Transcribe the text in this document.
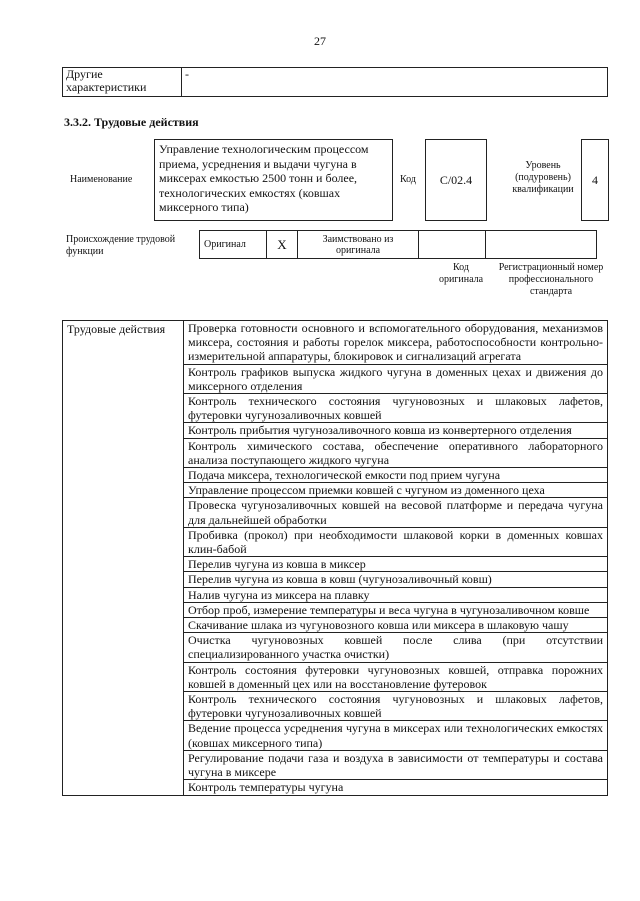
27
Другие характеристики	-
3.3.2. Трудовые действия
Наименование
Управление технологическим процессом приема, усреднения и выдачи чугуна в миксерах емкостью 2500 тонн и более, технологических емкостях (ковшах миксерного типа)
Код	C/02.4
Уровень (подуровень) квалификации
4
Происхождение трудовой функции
Оригинал	X	Заимствовано из оригинала		
Код оригинала
Регистрационный номер профессионального стандарта
Трудовые действия	Проверка готовности основного и вспомогательного оборудования, механизмов миксера, состояния и работы горелок миксера, работоспособности контрольно-измерительной аппаратуры, блокировок и сигнализаций агрегата
Контроль графиков выпуска жидкого чугуна в доменных цехах и движения до миксерного отделения
Контроль технического состояния чугуновозных и шлаковых лафетов, футеровки чугунозаливочных ковшей
Контроль прибытия чугунозаливочного ковша из конвертерного отделения
Контроль химического состава, обеспечение оперативного лабораторного анализа поступающего жидкого чугуна
Подача миксера, технологической емкости под прием чугуна
Управление процессом приемки ковшей с чугуном из доменного цеха
Провеска чугунозаливочных ковшей на весовой платформе и передача чугуна для дальнейшей обработки
Пробивка (прокол) при необходимости шлаковой корки в доменных ковшах клин-бабой
Перелив чугуна из ковша в миксер
Перелив чугуна из ковша в ковш (чугунозаливочный ковш)
Налив чугуна из миксера на плавку
Отбор проб, измерение температуры и веса чугуна в чугунозаливочном ковше
Скачивание шлака из чугуновозного ковша или миксера в шлаковую чашу
Очистка чугуновозных ковшей после слива (при отсутствии специализированного участка очистки)
Контроль состояния футеровки чугуновозных ковшей, отправка порожних ковшей в доменный цех или на восстановление футеровок
Контроль технического состояния чугуновозных и шлаковых лафетов, футеровки чугунозаливочных ковшей
Ведение процесса усреднения чугуна в миксерах или технологических емкостях (ковшах миксерного типа)
Регулирование подачи газа и воздуха в зависимости от температуры и состава чугуна в миксере
Контроль температуры чугуна
